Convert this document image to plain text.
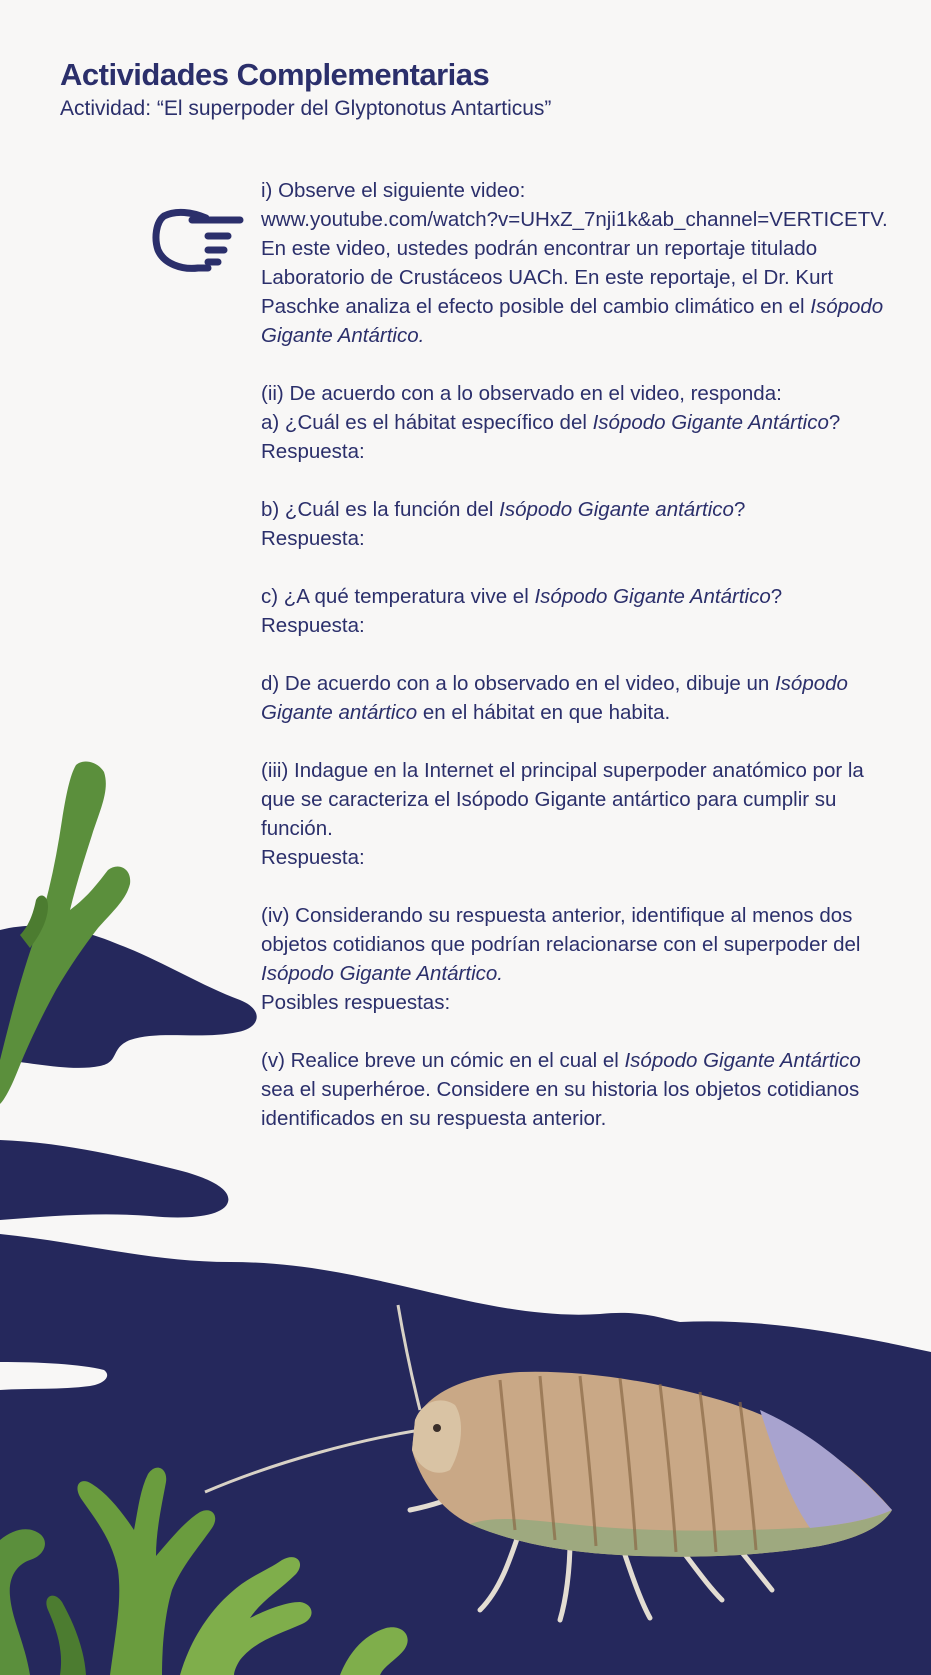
Actividades Complementarias

Actividad: “El superpoder del Glyptonotus Antarticus”

i) Observe el siguiente video:
www.youtube.com/watch?v=UHxZ_7nji1k&ab_channel=VERTICETV. En este video, ustedes podrán encontrar un reportaje titulado Laboratorio de Crustáceos UACh. En este reportaje, el Dr. Kurt Paschke analiza el efecto posible del cambio climático en el Isópodo Gigante Antártico.

(ii) De acuerdo con a lo observado en el video, responda:

a) ¿Cuál es el hábitat específico del Isópodo Gigante Antártico?

Respuesta:

b) ¿Cuál es la función del Isópodo Gigante antártico?

Respuesta:

c) ¿A qué temperatura vive el Isópodo Gigante Antártico?

Respuesta:

d) De acuerdo con a lo observado en el video, dibuje un Isópodo Gigante antártico en el hábitat en que habita.

(iii) Indague en la Internet el principal superpoder anatómico por la que se caracteriza el Isópodo Gigante antártico para cumplir su función.

Respuesta:

(iv) Considerando su respuesta anterior, identifique al menos dos objetos cotidianos que podrían relacionarse con el superpoder del Isópodo Gigante Antártico.

Posibles respuestas:

(v) Realice breve un cómic en el cual el Isópodo Gigante Antártico sea el superhéroe. Considere en su historia los objetos cotidianos identificados en su respuesta anterior.
